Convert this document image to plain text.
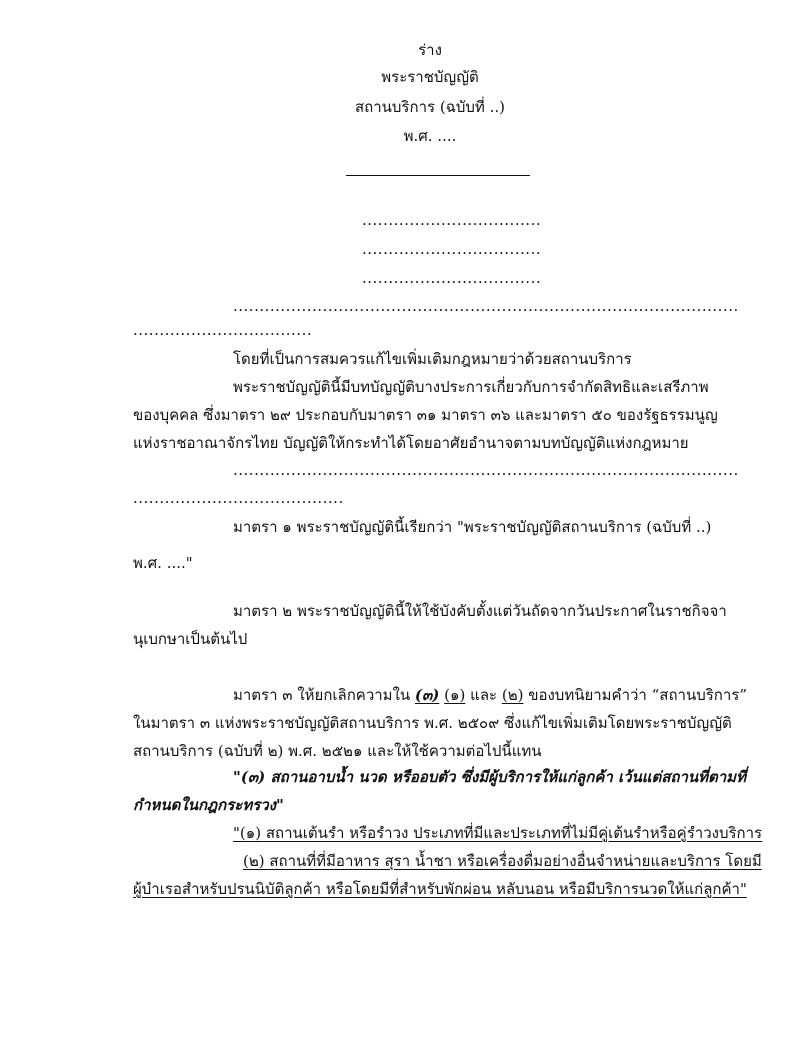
ร่าง
พระราชบัญญัติ
สถานบริการ (ฉบับที่ ..)
พ.ศ. ....
..................................
..................................
..................................
................................................................................................
..................................
โดยที่เป็นการสมควรแก้ไขเพิ่มเติมกฎหมายว่าด้วยสถานบริการ
พระราชบัญญัตินี้มีบทบัญญัติบางประการเกี่ยวกับการจำกัดสิทธิและเสรีภาพ
ของบุคคล ซึ่งมาตรา ๒๙ ประกอบกับมาตรา ๓๑ มาตรา ๓๖ และมาตรา ๕๐ ของรัฐธรรมนูญ
แห่งราชอาณาจักรไทย บัญญัติให้กระทำได้โดยอาศัยอำนาจตามบทบัญญัติแห่งกฎหมาย
................................................................................................
........................................
มาตรา ๑ พระราชบัญญัตินี้เรียกว่า "พระราชบัญญัติสถานบริการ (ฉบับที่ ..)
พ.ศ. ...."
มาตรา ๒ พระราชบัญญัตินี้ให้ใช้บังคับตั้งแต่วันถัดจากวันประกาศในราชกิจจา
นุเบกษาเป็นต้นไป
มาตรา ๓ ให้ยกเลิกความใน (๓) (๑) และ (๒) ของบทนิยามคำว่า “สถานบริการ”
ในมาตรา ๓ แห่งพระราชบัญญัติสถานบริการ พ.ศ. ๒๕๐๙ ซึ่งแก้ไขเพิ่มเติมโดยพระราชบัญญัติ
สถานบริการ (ฉบับที่ ๒) พ.ศ. ๒๕๒๑ และให้ใช้ความต่อไปนี้แทน
"(๓) สถานอาบน้ำ นวด หรืออบตัว ซึ่งมีผู้บริการให้แก่ลูกค้า เว้นแต่สถานที่ตามที่
กำหนดในกฎกระทรวง"
"(๑) สถานเต้นรำ หรือรำวง ประเภทที่มีและประเภทที่ไม่มีคู่เต้นรำหรือคู่รำวงบริการ
(๒) สถานที่ที่มีอาหาร สุรา น้ำชา หรือเครื่องดื่มอย่างอื่นจำหน่ายและบริการ โดยมี
ผู้บำเรอสำหรับปรนนิบัติลูกค้า หรือโดยมีที่สำหรับพักผ่อน หลับนอน หรือมีบริการนวดให้แก่ลูกค้า"
